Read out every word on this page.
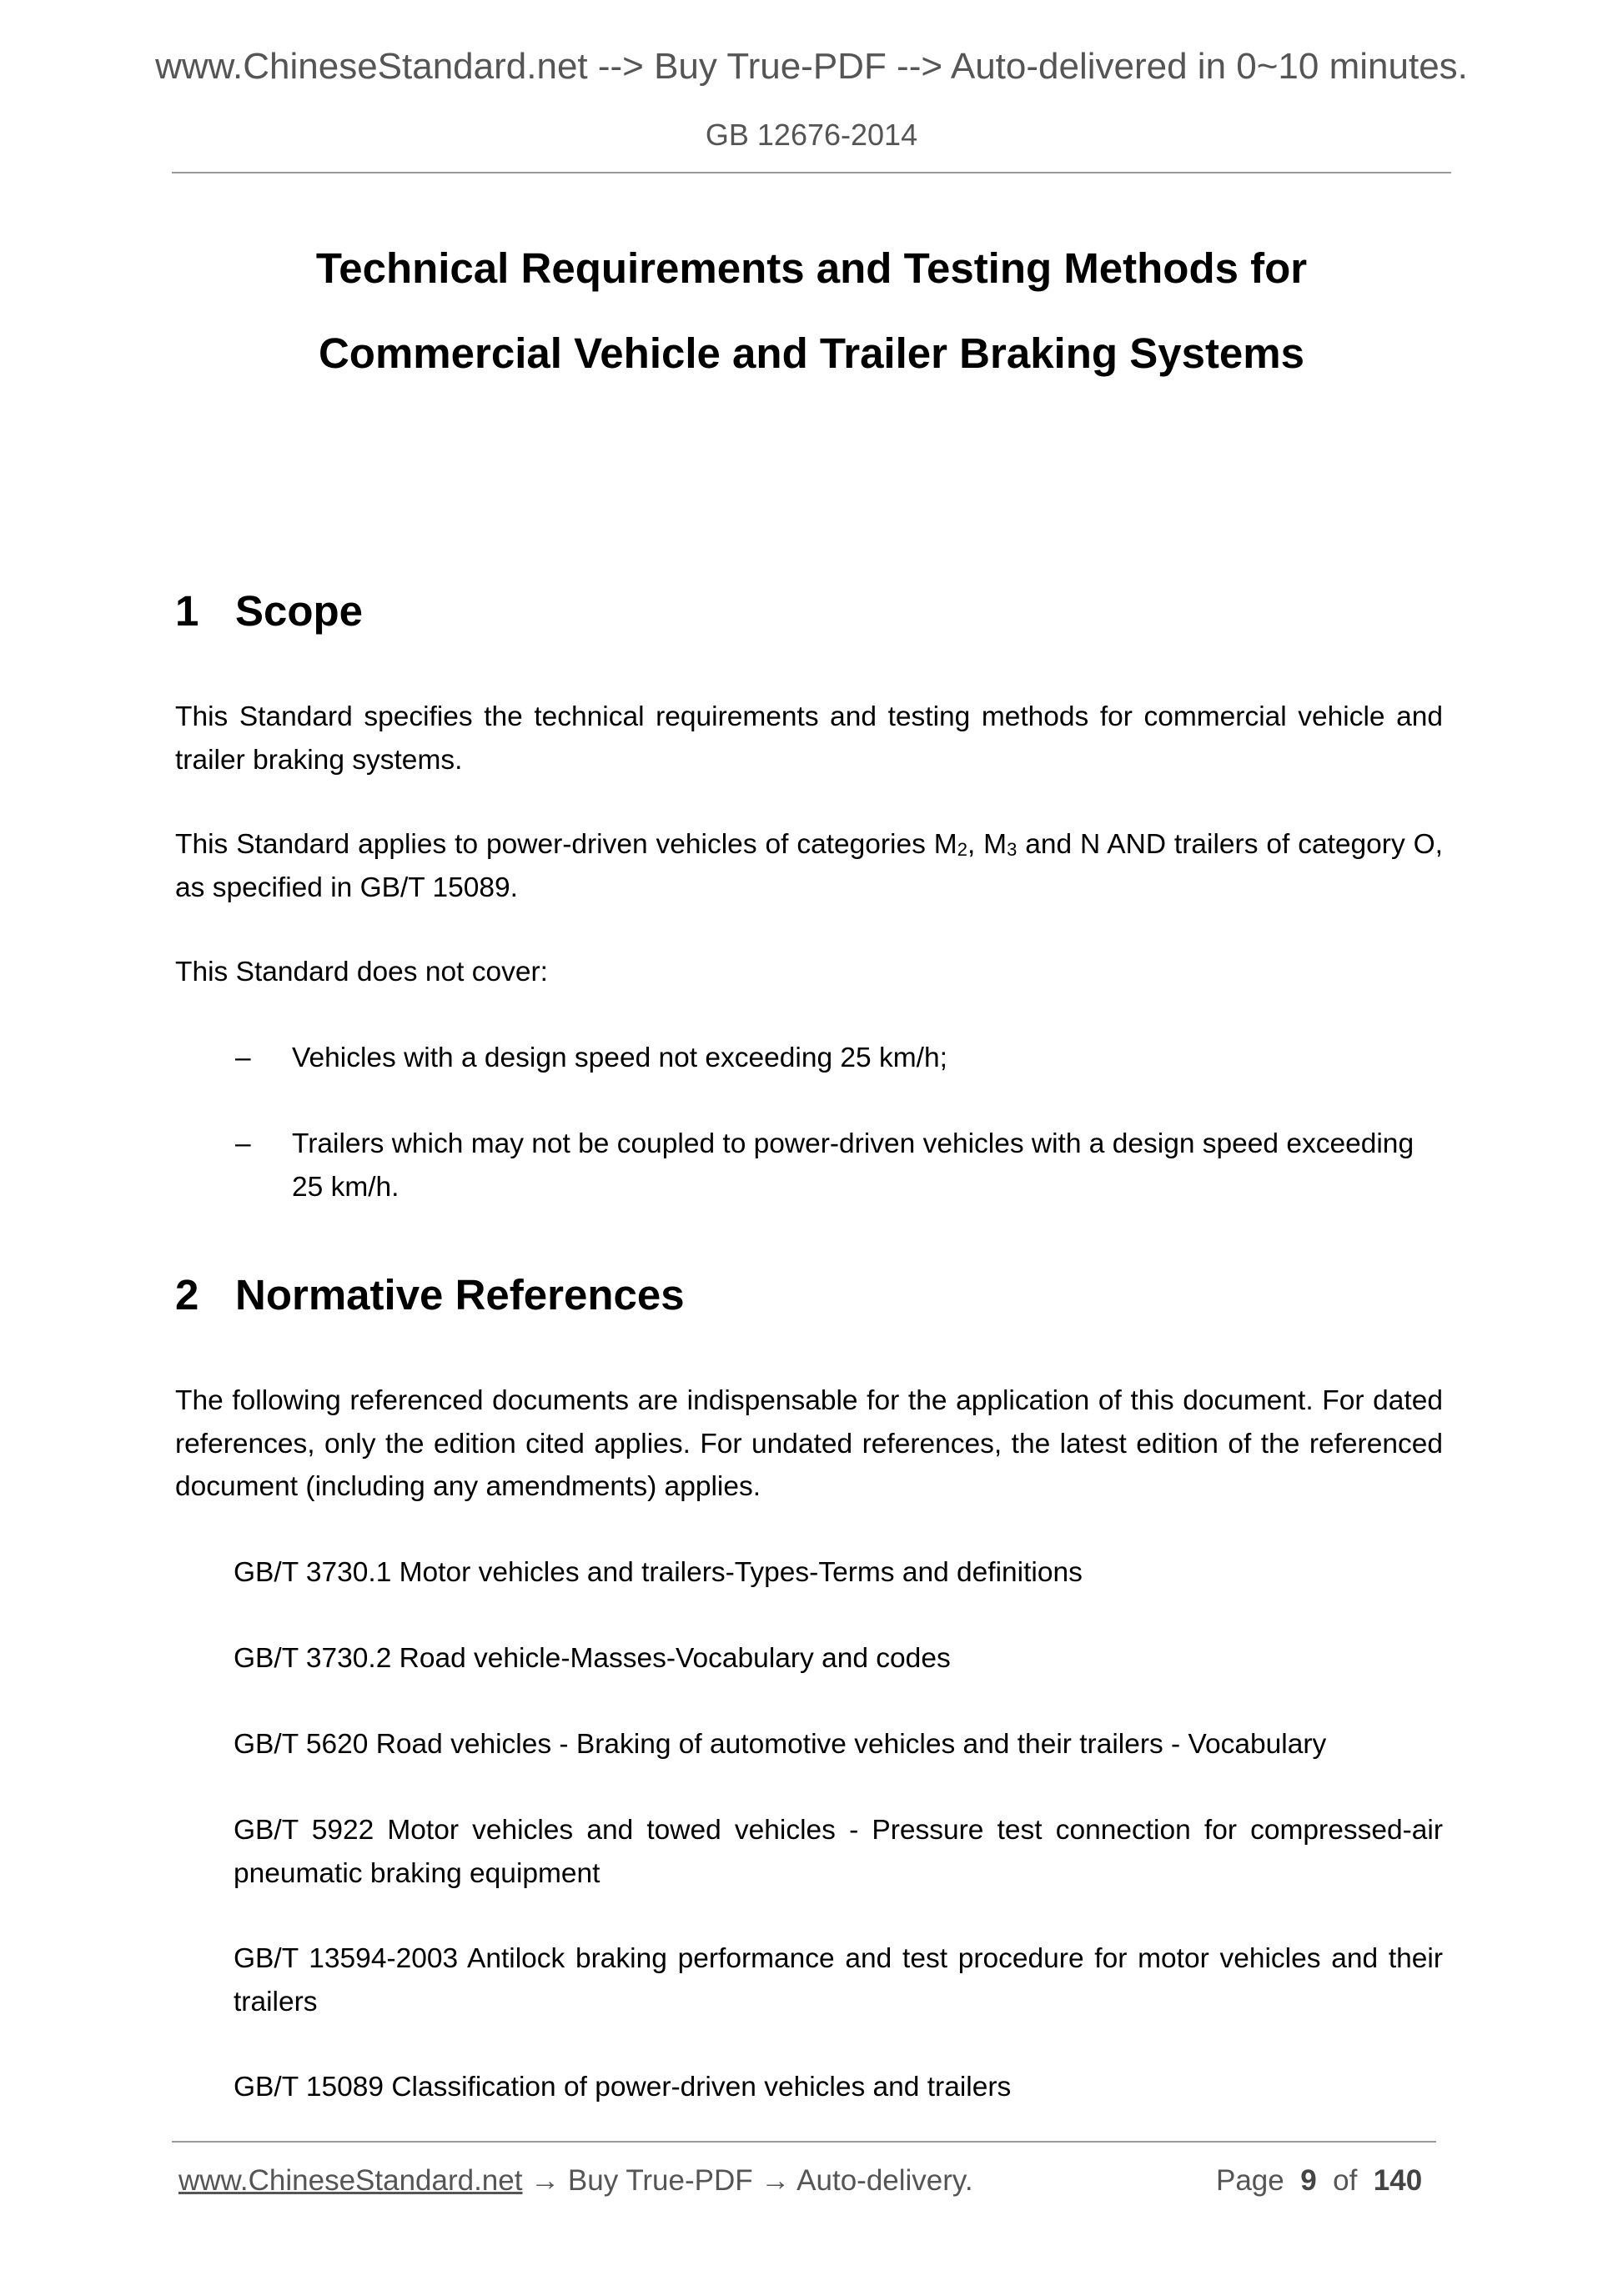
www.ChineseStandard.net --> Buy True-PDF --> Auto-delivered in 0~10 minutes.
GB 12676-2014
Technical Requirements and Testing Methods for
Commercial Vehicle and Trailer Braking Systems
1 Scope
This Standard specifies the technical requirements and testing methods for commercial vehicle and trailer braking systems.
This Standard applies to power-driven vehicles of categories $M_2$, $M_3$ and N AND trailers of category O, as specified in GB/T 15089.
This Standard does not cover:
–	Vehicles with a design speed not exceeding 25 km/h;
–	Trailers which may not be coupled to power-driven vehicles with a design speed exceeding 25 km/h.
2 Normative References
The following referenced documents are indispensable for the application of this document. For dated references, only the edition cited applies. For undated references, the latest edition of the referenced document (including any amendments) applies.
GB/T 3730.1 Motor vehicles and trailers-Types-Terms and definitions
GB/T 3730.2 Road vehicle-Masses-Vocabulary and codes
GB/T 5620 Road vehicles - Braking of automotive vehicles and their trailers - Vocabulary
GB/T 5922 Motor vehicles and towed vehicles - Pressure test connection for compressed-air pneumatic braking equipment
GB/T 13594-2003 Antilock braking performance and test procedure for motor vehicles and their trailers
GB/T 15089 Classification of power-driven vehicles and trailers
www.ChineseStandard.net → Buy True-PDF → Auto-delivery.	Page 9 of 140
